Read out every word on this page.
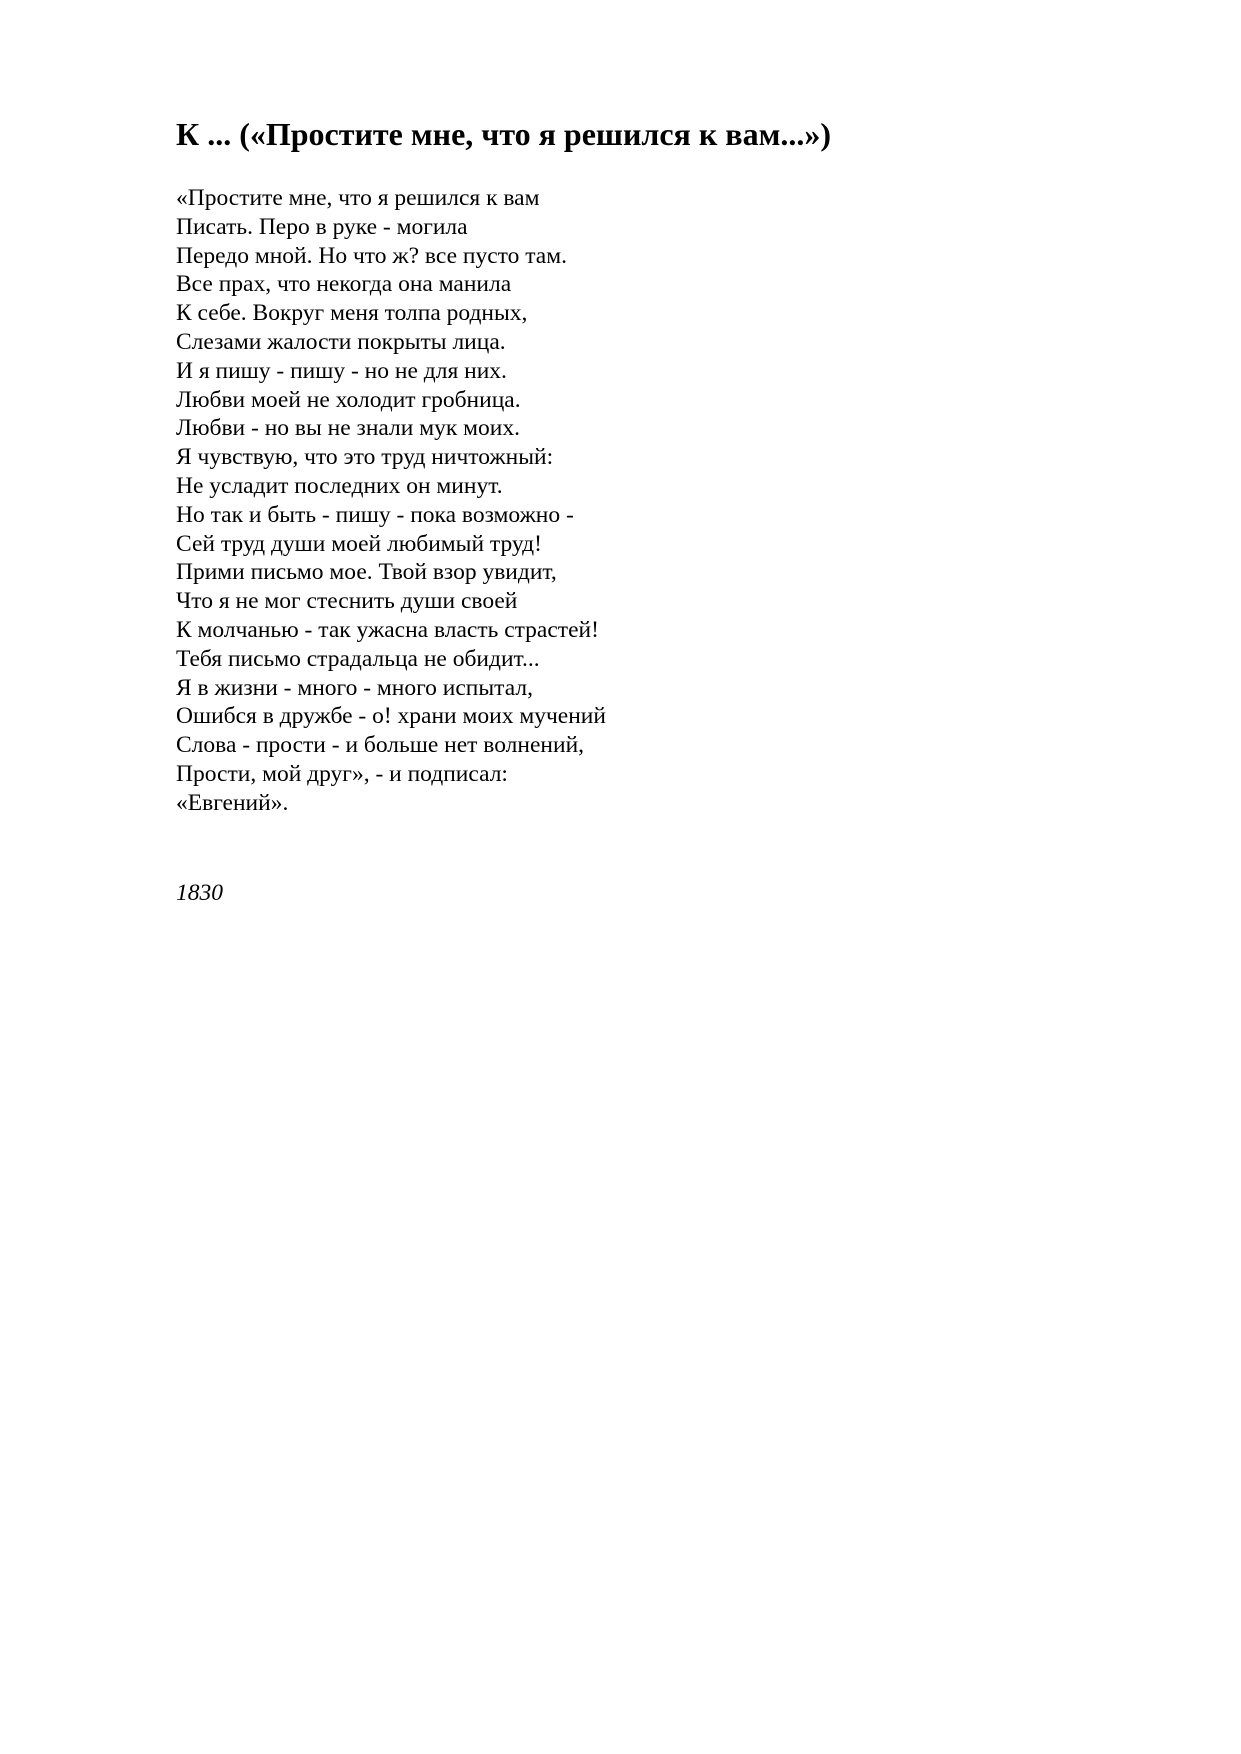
К ... («Простите мне, что я решился к вам...»)
«Простите мне, что я решился к вам
Писать. Перо в руке - могила
Передо мной. Но что ж? все пусто там.
Все прах, что некогда она манила
К себе. Вокруг меня толпа родных,
Слезами жалости покрыты лица.
И я пишу - пишу - но не для них.
Любви моей не холодит гробница.
Любви - но вы не знали мук моих.
Я чувствую, что это труд ничтожный:
Не усладит последних он минут.
Но так и быть - пишу - пока возможно -
Сей труд души моей любимый труд!
Прими письмо мое. Твой взор увидит,
Что я не мог стеснить души своей
К молчанью - так ужасна власть страстей!
Тебя письмо страдальца не обидит...
Я в жизни - много - много испытал,
Ошибся в дружбе - о! храни моих мучений
Слова - прости - и больше нет волнений,
Прости, мой друг», - и подписал:
«Евгений».

1830
